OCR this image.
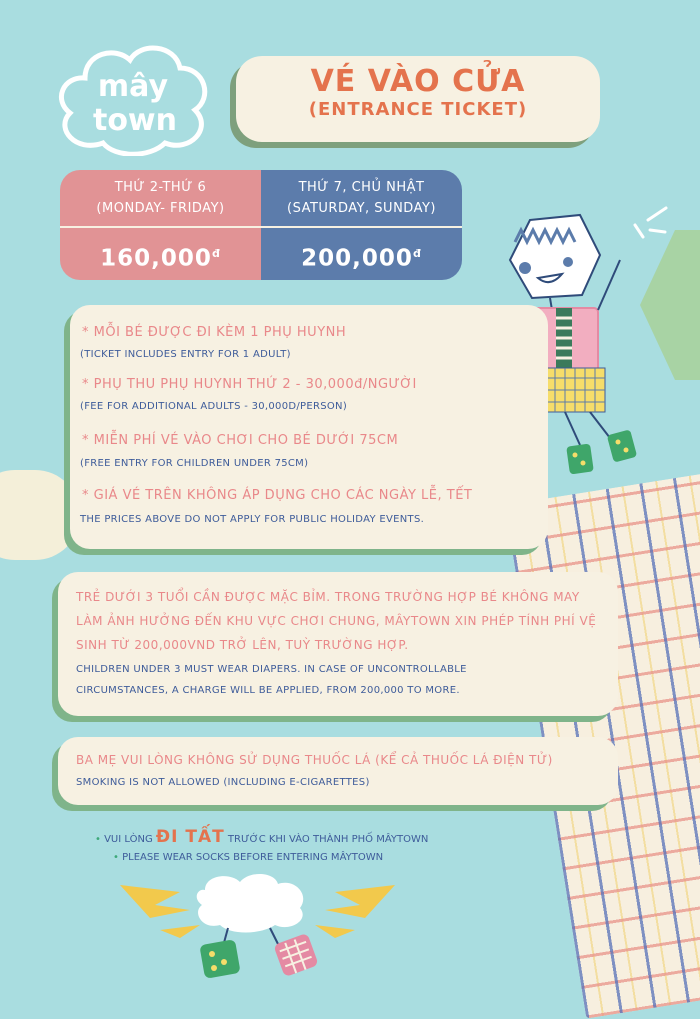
mây
town
VÉ VÀO CỬA
(ENTRANCE TICKET)
THỨ 2-THỨ 6
(MONDAY- FRIDAY)
THỨ 7, CHỦ NHẬT
(SATURDAY, SUNDAY)
$160,000^đ$	$200,000^đ$
* MỖI BÉ ĐƯỢC ĐI KÈM 1 PHỤ HUYNH
(TICKET INCLUDES ENTRY FOR 1 ADULT)
* PHỤ THU PHỤ HUYNH THỨ 2 - 30,000đ/NGƯỜI
(FEE FOR ADDITIONAL ADULTS - 30,000D/PERSON)
* MIỄN PHÍ VÉ VÀO CHƠI CHO BÉ DƯỚI 75CM
(FREE ENTRY FOR CHILDREN UNDER 75CM)
* GIÁ VÉ TRÊN KHÔNG ÁP DỤNG CHO CÁC NGÀY LỄ, TẾT
THE PRICES ABOVE DO NOT APPLY FOR PUBLIC HOLIDAY EVENTS.
TRẺ DƯỚI 3 TUỔI CẦN ĐƯỢC MẶC BỈM. TRONG TRƯỜNG HỢP BÉ KHÔNG MAY
LÀM ẢNH HƯỞNG ĐẾN KHU VỰC CHƠI CHUNG, MÂYTOWN XIN PHÉP TÍNH PHÍ VỆ
SINH TỪ 200,000VND TRỞ LÊN, TUỲ TRƯỜNG HỢP.
CHILDREN UNDER 3 MUST WEAR DIAPERS. IN CASE OF UNCONTROLLABLE
CIRCUMSTANCES, A CHARGE WILL BE APPLIED, FROM 200,000 TO MORE.
BA MẸ VUI LÒNG KHÔNG SỬ DỤNG THUỐC LÁ (KỂ CẢ THUỐC LÁ ĐIỆN TỬ)
SMOKING IS NOT ALLOWED (INCLUDING E-CIGARETTES)
• VUI LÒNG ĐI TẤT TRƯỚC KHI VÀO THÀNH PHỐ MÂYTOWN
• PLEASE WEAR SOCKS BEFORE ENTERING MÂYTOWN
